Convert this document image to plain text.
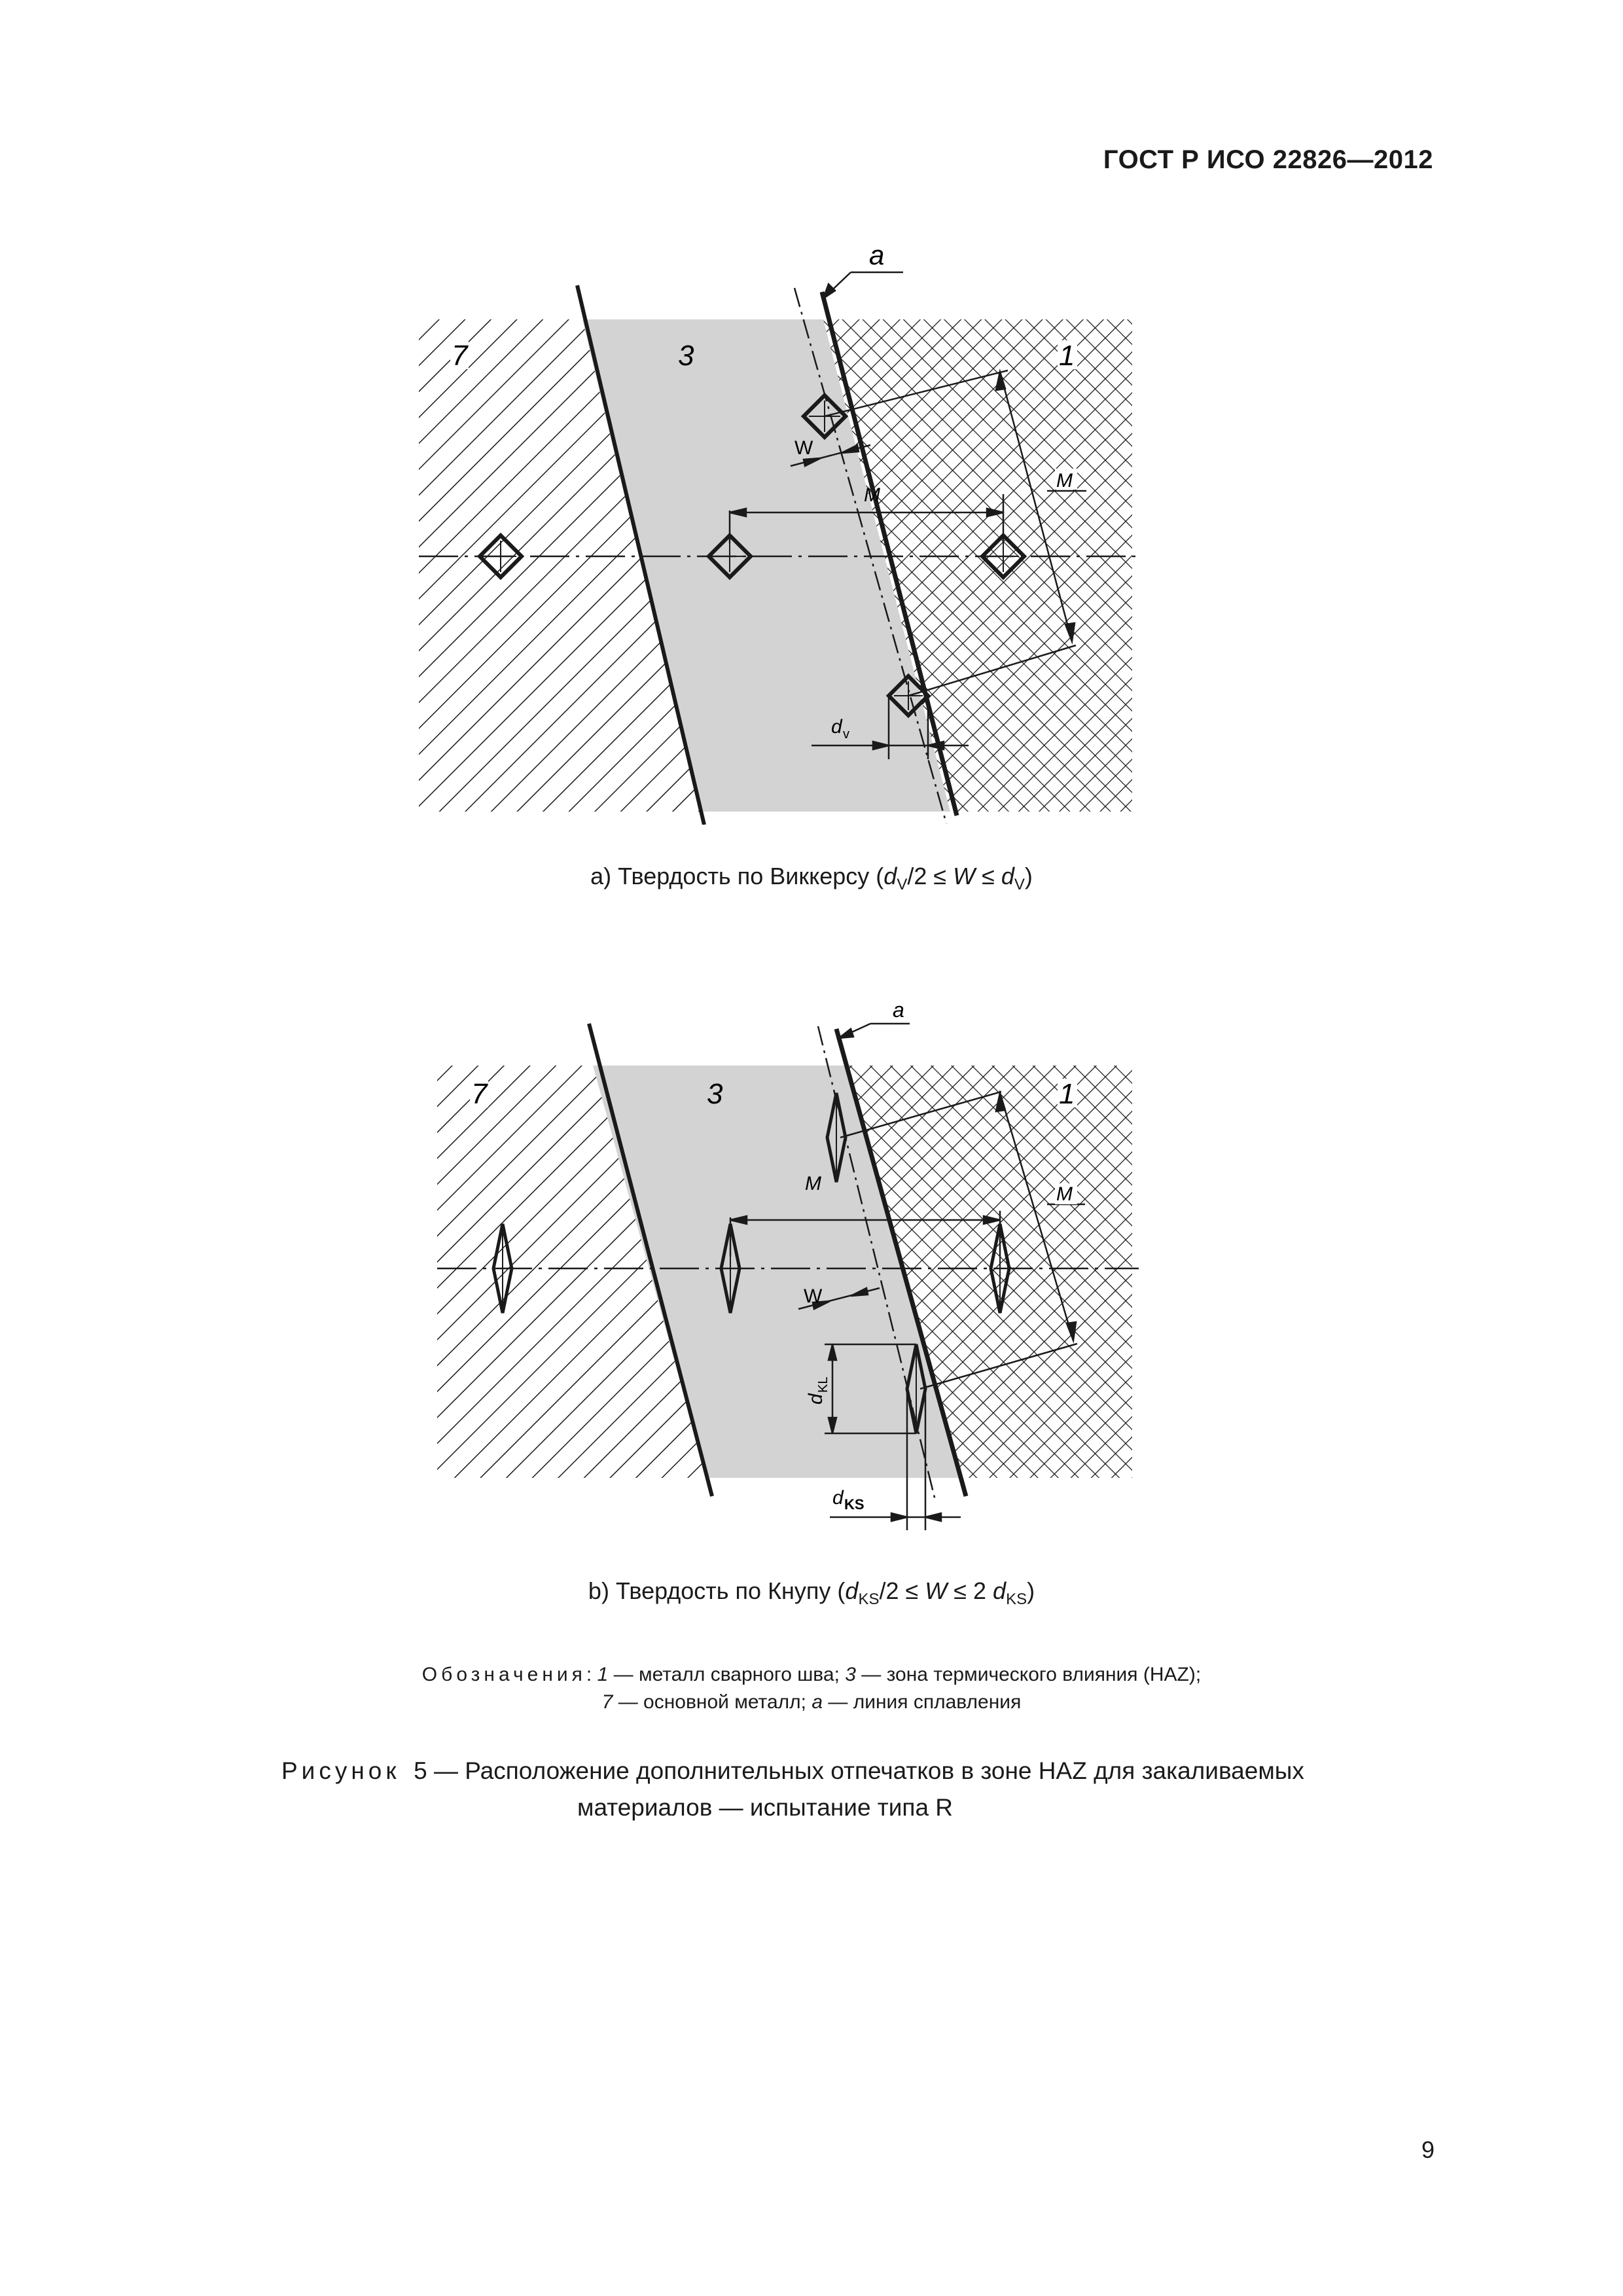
ГОСТ Р ИСО 22826—2012
7	3	1
a
W
M
M
d v
a) Твердость по Виккерсу $(d_V/2 \le W \le d_V)$
7	3	1
a
M	M
W
d
KL
d KS
b) Твердость по Кнупу ($d_{KS}/2 \le W \le 2$ $d_{KS}$)
Обозначения: 1 — металл сварного шва; 3 — зона термического влияния (HAZ);
7 — основной металл; a — линия сплавления
Рисунок 5 — Расположение дополнительных отпечатков в зоне HAZ для закаливаемых
материалов — испытание типа R
9
